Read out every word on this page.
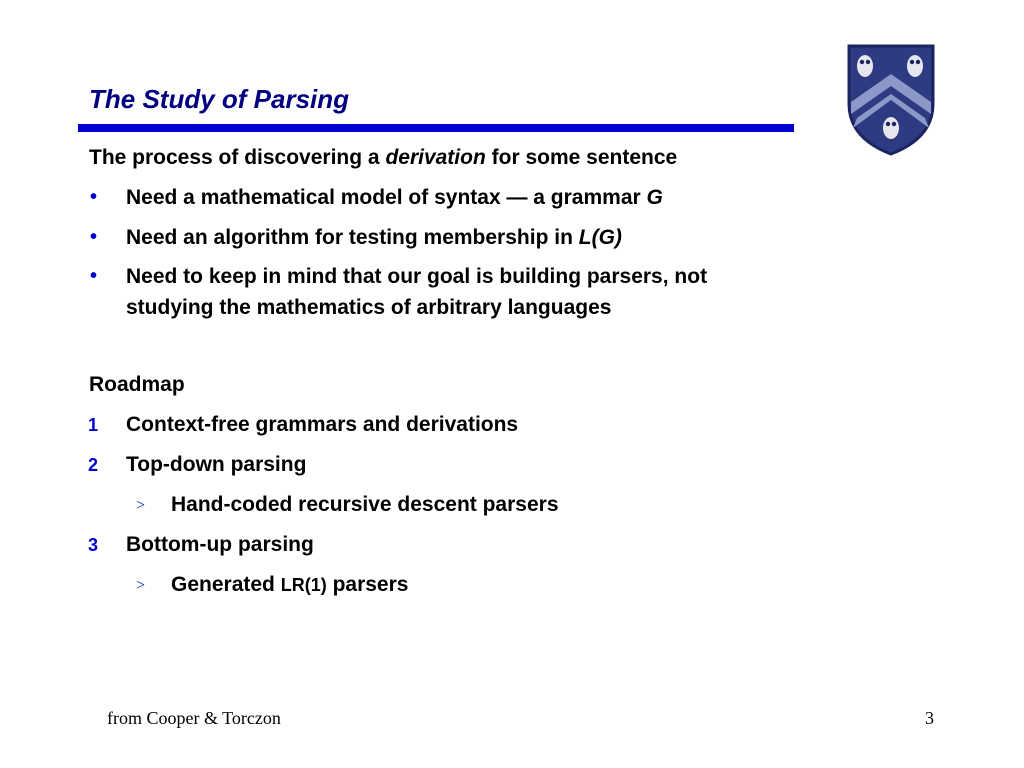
The Study of Parsing
The process of discovering a derivation for some sentence
• Need a mathematical model of syntax — a grammar G
• Need an algorithm for testing membership in L(G)
• Need to keep in mind that our goal is building parsers, not
studying the mathematics of arbitrary languages
Roadmap
1 Context-free grammars and derivations
2 Top-down parsing
> Hand-coded recursive descent parsers
3 Bottom-up parsing
> Generated LR(1) parsers
from Cooper & Torczon	3
